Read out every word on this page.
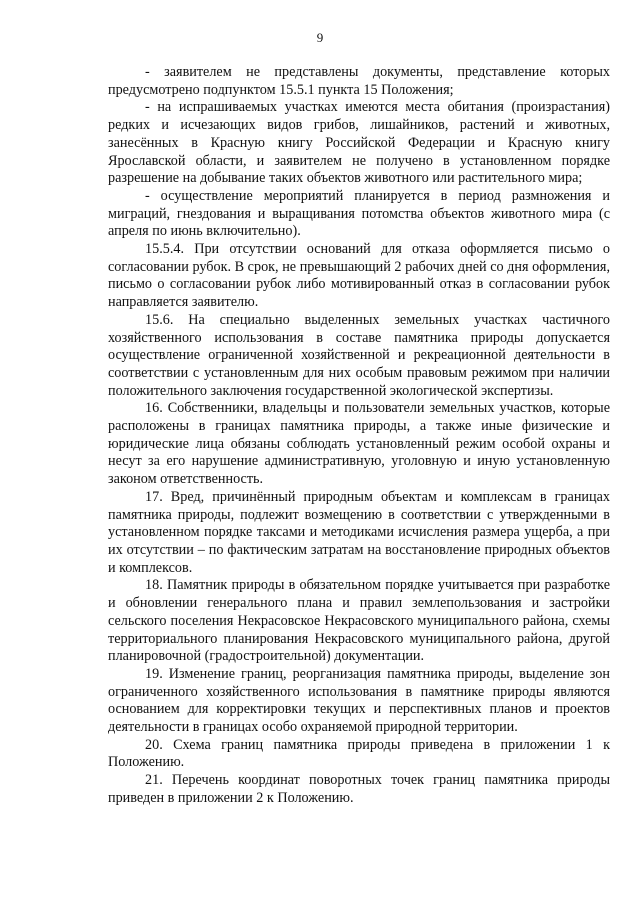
9

- заявителем не представлены документы, представление которых предусмотрено подпунктом 15.5.1 пункта 15 Положения;

- на испрашиваемых участках имеются места обитания (произрастания) редких и исчезающих видов грибов, лишайников, растений и животных, занесённых в Красную книгу Российской Федерации и Красную книгу Ярославской области, и заявителем не получено в установленном порядке разрешение на добывание таких объектов животного или растительного мира;

- осуществление мероприятий планируется в период размножения и миграций, гнездования и выращивания потомства объектов животного мира (с апреля по июнь включительно).

15.5.4. При отсутствии оснований для отказа оформляется письмо о согласовании рубок. В срок, не превышающий 2 рабочих дней со дня оформления, письмо о согласовании рубок либо мотивированный отказ в согласовании рубок направляется заявителю.

15.6. На специально выделенных земельных участках частичного хозяйственного использования в составе памятника природы допускается осуществление ограниченной хозяйственной и рекреационной деятельности в соответствии с установленным для них особым правовым режимом при наличии положительного заключения государственной экологической экспертизы.

16. Собственники, владельцы и пользователи земельных участков, которые расположены в границах памятника природы, а также иные физические и юридические лица обязаны соблюдать установленный режим особой охраны и несут за его нарушение административную, уголовную и иную установленную законом ответственность.

17. Вред, причинённый природным объектам и комплексам в границах памятника природы, подлежит возмещению в соответствии с утвержденными в установленном порядке таксами и методиками исчисления размера ущерба, а при их отсутствии – по фактическим затратам на восстановление природных объектов и комплексов.

18. Памятник природы в обязательном порядке учитывается при разработке и обновлении генерального плана и правил землепользования и застройки сельского поселения Некрасовское Некрасовского муниципального района, схемы территориального планирования Некрасовского муниципального района, другой планировочной (градостроительной) документации.

19. Изменение границ, реорганизация памятника природы, выделение зон ограниченного хозяйственного использования в памятнике природы являются основанием для корректировки текущих и перспективных планов и проектов деятельности в границах особо охраняемой природной территории.

20. Схема границ памятника природы приведена в приложении 1 к Положению.

21. Перечень координат поворотных точек границ памятника природы приведен в приложении 2 к Положению.
